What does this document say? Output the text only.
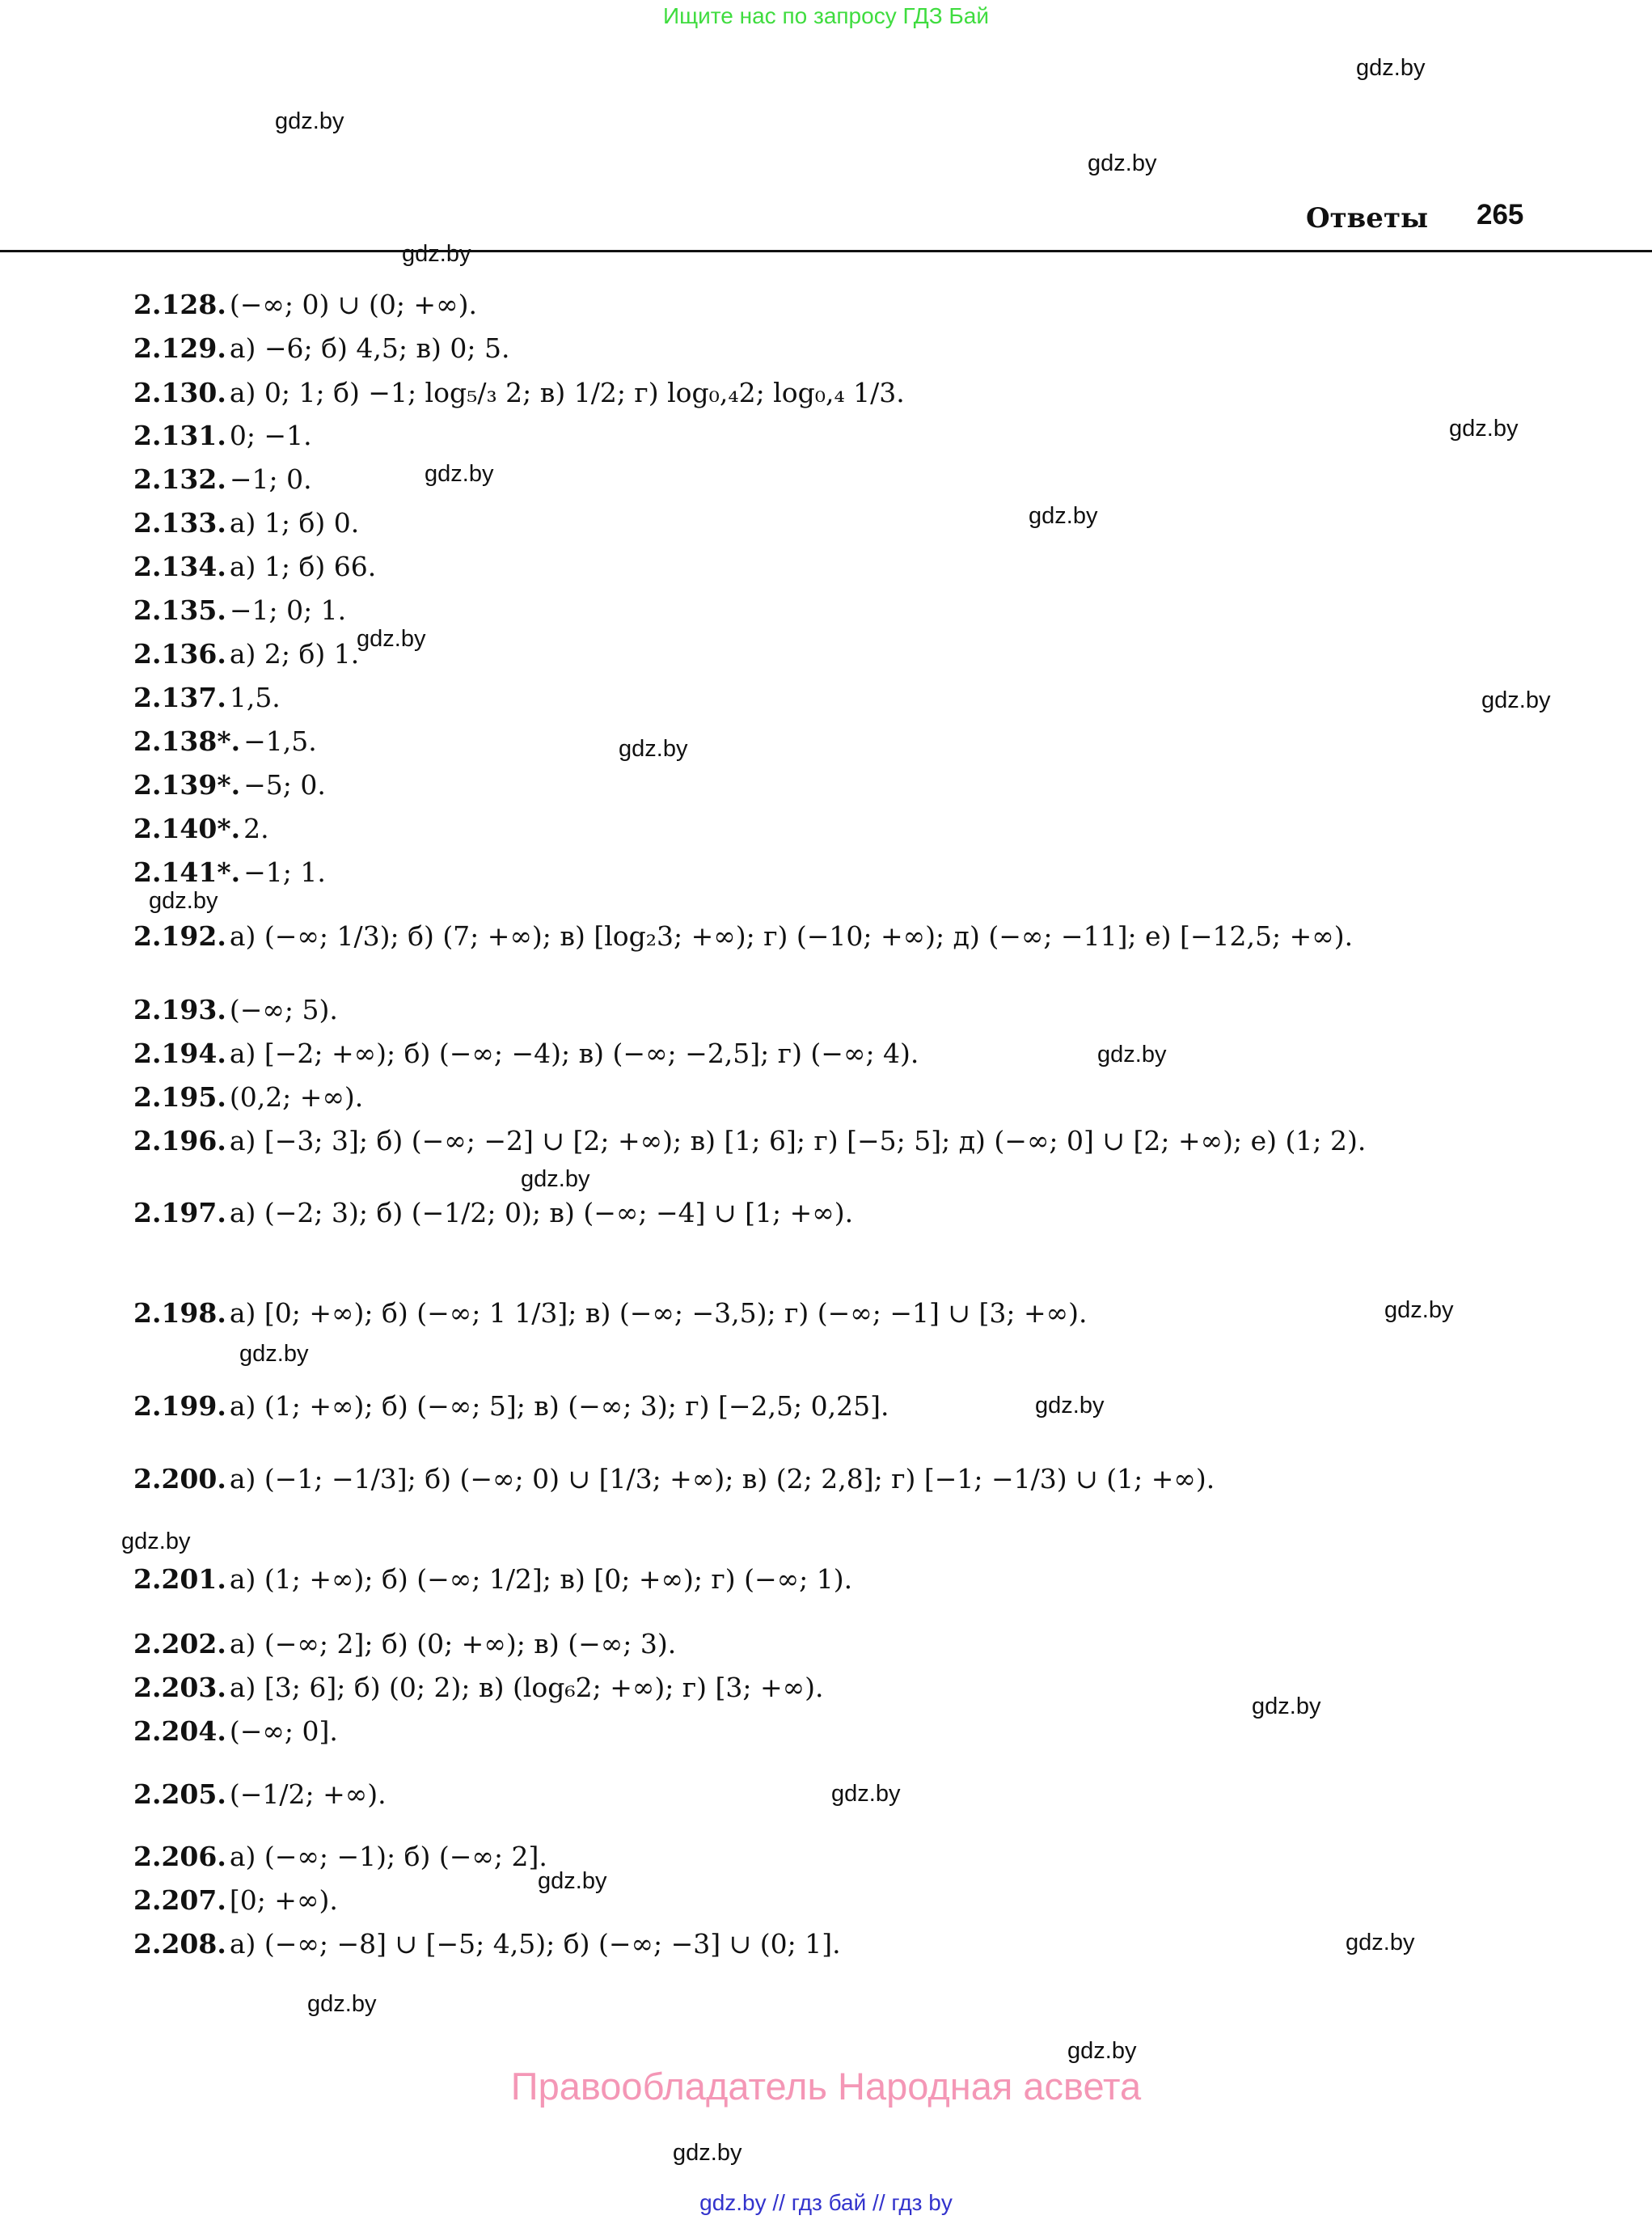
Ищите нас по запросу ГДЗ Бай
gdz.by
gdz.by
gdz.by
Ответы 265
gdz.by
gdz.by
gdz.by
gdz.by
gdz.by
gdz.by
gdz.by
gdz.by
gdz.by
gdz.by
gdz.by
gdz.by
gdz.by
gdz.by
gdz.by
gdz.by
gdz.by
gdz.by
gdz.by
gdz.by
gdz.by
2.128. (−∞; 0) ∪ (0; +∞).
2.129. а) −6; б) 4,5; в) 0; 5.
2.130. а) 0; 1; б) −1; log₅/₃ 2; в) 1/2; г) log₀,₄2; log₀,₄ 1/3.
2.131. 0; −1.
2.132. −1; 0.
2.133. а) 1; б) 0.
2.134. а) 1; б) 66.
2.135. −1; 0; 1.
2.136. а) 2; б) 1.
2.137. 1,5.
2.138*. −1,5.
2.139*. −5; 0.
2.140*. 2.
2.141*. −1; 1.
2.192. а) (−∞; 1/3); б) (7; +∞); в) [log₂3; +∞); г) (−10; +∞); д) (−∞; −11]; е) [−12,5; +∞).
2.193. (−∞; 5).
2.194. а) [−2; +∞); б) (−∞; −4); в) (−∞; −2,5]; г) (−∞; 4).
2.195. (0,2; +∞).
2.196. а) [−3; 3]; б) (−∞; −2] ∪ [2; +∞); в) [1; 6]; г) [−5; 5]; д) (−∞; 0] ∪ [2; +∞); е) (1; 2).
2.197. а) (−2; 3); б) (−1/2; 0); в) (−∞; −4] ∪ [1; +∞).
2.198. а) [0; +∞); б) (−∞; 1 1/3]; в) (−∞; −3,5); г) (−∞; −1] ∪ [3; +∞).
2.199. а) (1; +∞); б) (−∞; 5]; в) (−∞; 3); г) [−2,5; 0,25].
2.200. а) (−1; −1/3]; б) (−∞; 0) ∪ [1/3; +∞); в) (2; 2,8]; г) [−1; −1/3) ∪ (1; +∞).
2.201. а) (1; +∞); б) (−∞; 1/2]; в) [0; +∞); г) (−∞; 1).
2.202. а) (−∞; 2]; б) (0; +∞); в) (−∞; 3).
2.203. а) [3; 6]; б) (0; 2); в) (log₆2; +∞); г) [3; +∞).
2.204. (−∞; 0].
2.205. (−1/2; +∞).
2.206. а) (−∞; −1); б) (−∞; 2].
2.207. [0; +∞).
2.208. а) (−∞; −8] ∪ [−5; 4,5); б) (−∞; −3] ∪ (0; 1].
Правообладатель Народная асвета
gdz.by // гдз бай // гдз by
